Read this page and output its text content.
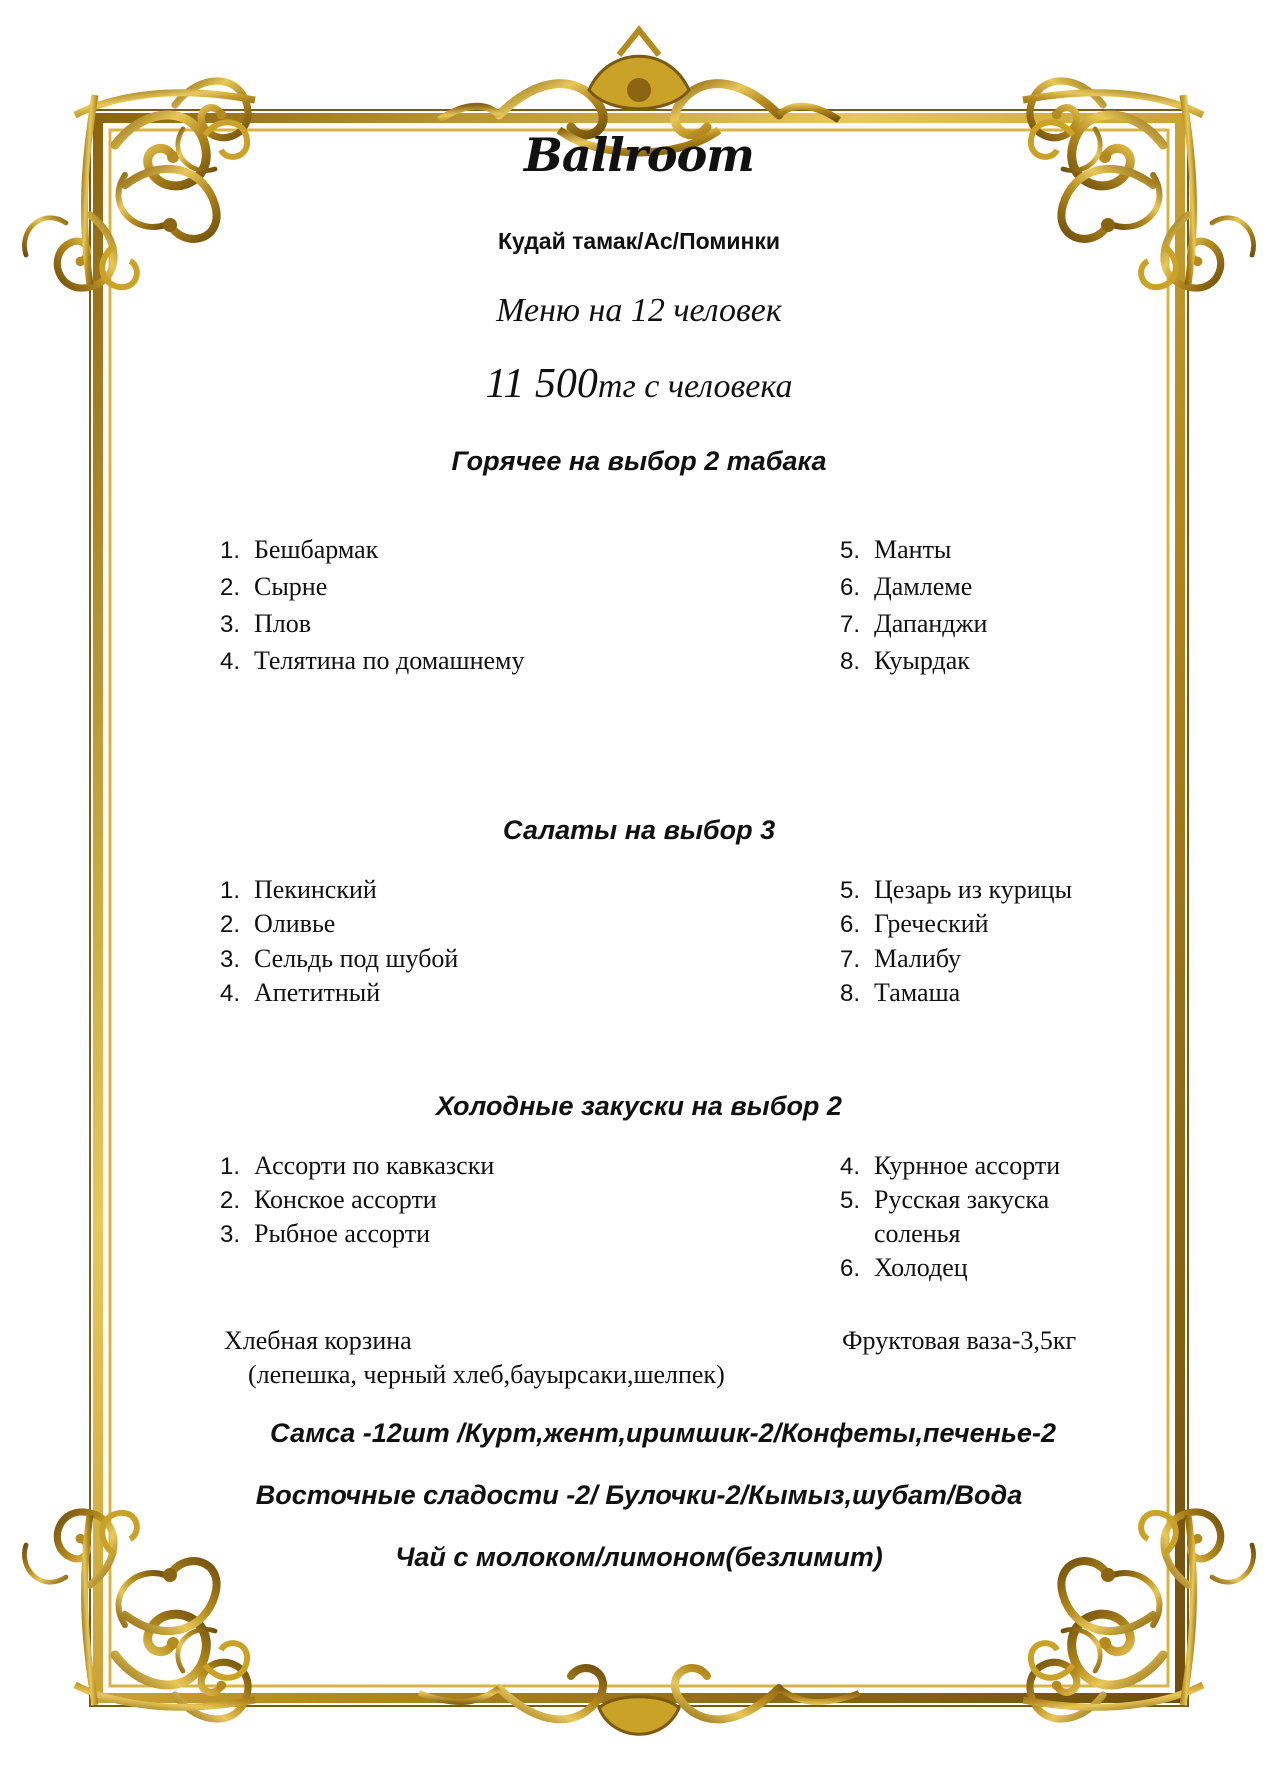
Ballroom
Кудай тамак/Ас/Поминки
Меню на 12 человек
11 500тг с человека
Горячее на выбор 2 табака
1. Бешбармак
2. Сырне
3. Плов
4. Телятина по домашнему
5. Манты
6. Дамлеме
7. Дапанджи
8. Куырдак
Салаты на выбор 3
1. Пекинский
2. Оливье
3. Сельдь под шубой
4. Апетитный
5. Цезарь из курицы
6. Греческий
7. Малибу
8. Тамаша
Холодные закуски на выбор 2
1. Ассорти по кавказски
2. Конское ассорти
3. Рыбное ассорти
4. Курнное ассорти
5. Русская закуска
соленья
6. Холодец
Хлебная корзина
(лепешка, черный хлеб,бауырсаки,шелпек)
Фруктовая ваза-3,5кг
Самса -12шт /Курт,жент,иримшик-2/Конфеты,печенье-2
Восточные сладости -2/ Булочки-2/Кымыз,шубат/Вода
Чай с молоком/лимоном(безлимит)
